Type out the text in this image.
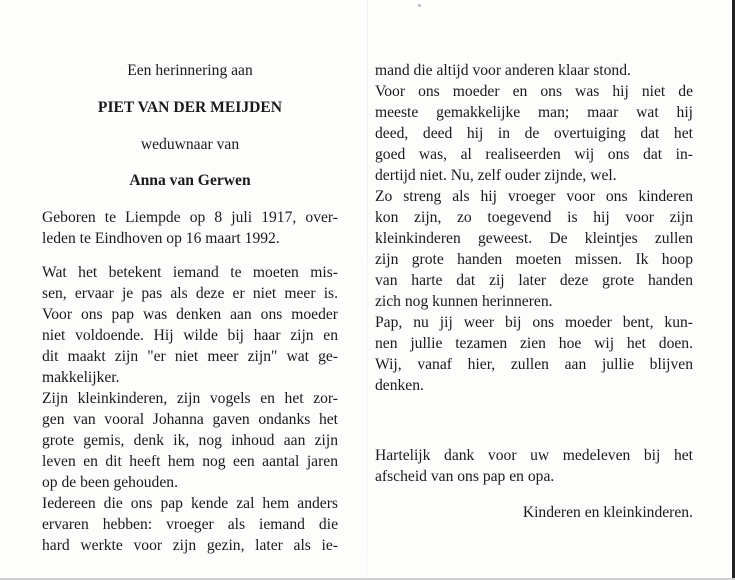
Een herinnering aan
PIET VAN DER MEIJDEN
weduwnaar van
Anna van Gerwen
Geboren te Liempde op 8 juli 1917, over-
leden te Eindhoven op 16 maart 1992.
Wat het betekent iemand te moeten mis-
sen, ervaar je pas als deze er niet meer is.
Voor ons pap was denken aan ons moeder
niet voldoende. Hij wilde bij haar zijn en
dit maakt zijn "er niet meer zijn" wat ge-
makkelijker.
Zijn kleinkinderen, zijn vogels en het zor-
gen van vooral Johanna gaven ondanks het
grote gemis, denk ik, nog inhoud aan zijn
leven en dit heeft hem nog een aantal jaren
op de been gehouden.
Iedereen die ons pap kende zal hem anders
ervaren hebben: vroeger als iemand die
hard werkte voor zijn gezin, later als ie-
mand die altijd voor anderen klaar stond.
Voor ons moeder en ons was hij niet de
meeste gemakkelijke man; maar wat hij
deed, deed hij in de overtuiging dat het
goed was, al realiseerden wij ons dat in-
dertijd niet. Nu, zelf ouder zijnde, wel.
Zo streng als hij vroeger voor ons kinderen
kon zijn, zo toegevend is hij voor zijn
kleinkinderen geweest. De kleintjes zullen
zijn grote handen moeten missen. Ik hoop
van harte dat zij later deze grote handen
zich nog kunnen herinneren.
Pap, nu jij weer bij ons moeder bent, kun-
nen jullie tezamen zien hoe wij het doen.
Wij, vanaf hier, zullen aan jullie blijven
denken.
Hartelijk dank voor uw medeleven bij het
afscheid van ons pap en opa.
Kinderen en kleinkinderen.
